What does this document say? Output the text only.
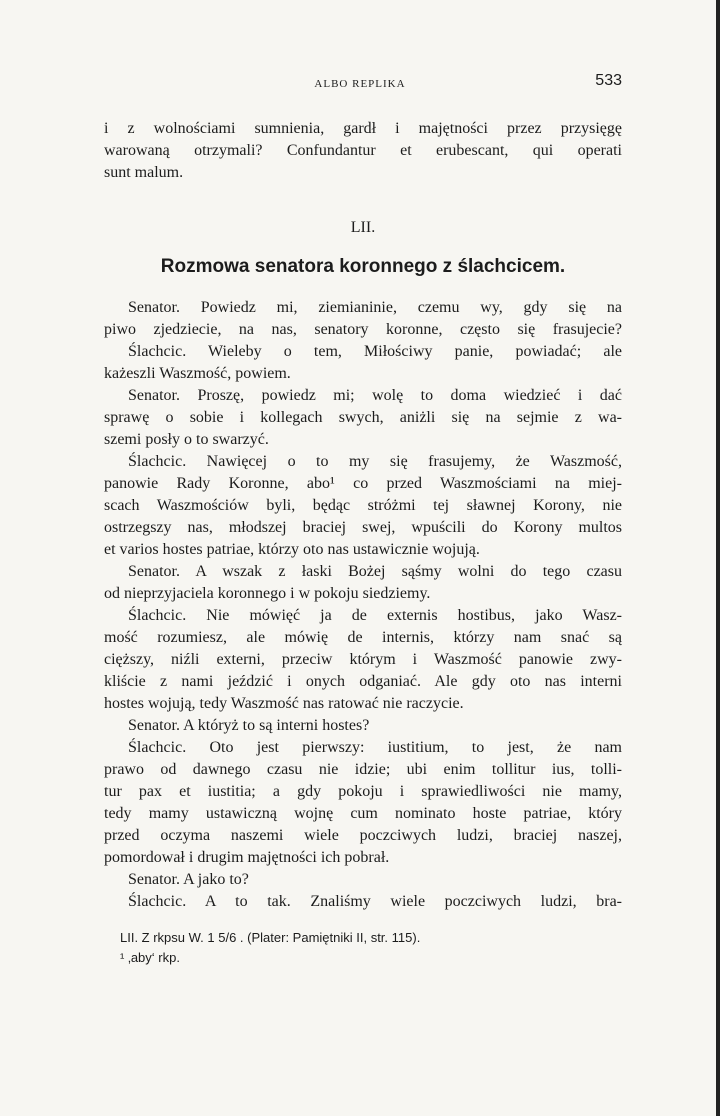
ALBO REPLIKA	533
i z wolnościami sumnienia, gardł i majętności przez przysięgę
warowaną otrzymali? Confundantur et erubescant, qui operati
sunt malum.
LII.
Rozmowa senatora koronnego z ślachcicem.
Senator. Powiedz mi, ziemianinie, czemu wy, gdy się na
piwo zjedziecie, na nas, senatory koronne, często się frasujecie?
Ślachcic. Wieleby o tem, Miłościwy panie, powiadać; ale
każeszli Waszmość, powiem.
Senator. Proszę, powiedz mi; wolę to doma wiedzieć i dać
sprawę o sobie i kollegach swych, aniżli się na sejmie z wa-
szemi posły o to swarzyć.
Ślachcic. Nawięcej o to my się frasujemy, że Waszmość,
panowie Rady Koronne, abo¹ co przed Waszmościami na miej-
scach Waszmościów byli, będąc stróżmi tej sławnej Korony, nie
ostrzegszy nas, młodszej braciej swej, wpuścili do Korony multos
et varios hostes patriae, którzy oto nas ustawicznie wojują.
Senator. A wszak z łaski Bożej sąśmy wolni do tego czasu
od nieprzyjaciela koronnego i w pokoju siedziemy.
Ślachcic. Nie mówięć ja de externis hostibus, jako Wasz-
mość rozumiesz, ale mówię de internis, którzy nam snać są
cięższy, niźli externi, przeciw którym i Waszmość panowie zwy-
kliście z nami jeździć i onych odganiać. Ale gdy oto nas interni
hostes wojują, tedy Waszmość nas ratować nie raczycie.
Senator. A któryż to są interni hostes?
Ślachcic. Oto jest pierwszy: iustitium, to jest, że nam
prawo od dawnego czasu nie idzie; ubi enim tollitur ius, tolli-
tur pax et iustitia; a gdy pokoju i sprawiedliwości nie mamy,
tedy mamy ustawiczną wojnę cum nominato hoste patriae, który
przed oczyma naszemi wiele poczciwych ludzi, braciej naszej,
pomordował i drugim majętności ich pobrał.
Senator. A jako to?
Ślachcic. A to tak. Znaliśmy wiele poczciwych ludzi, bra-
LII. Z rkpsu W. 1 5/6 . (Plater: Pamiętniki II, str. 115).
¹ ‚aby‘ rkp.
